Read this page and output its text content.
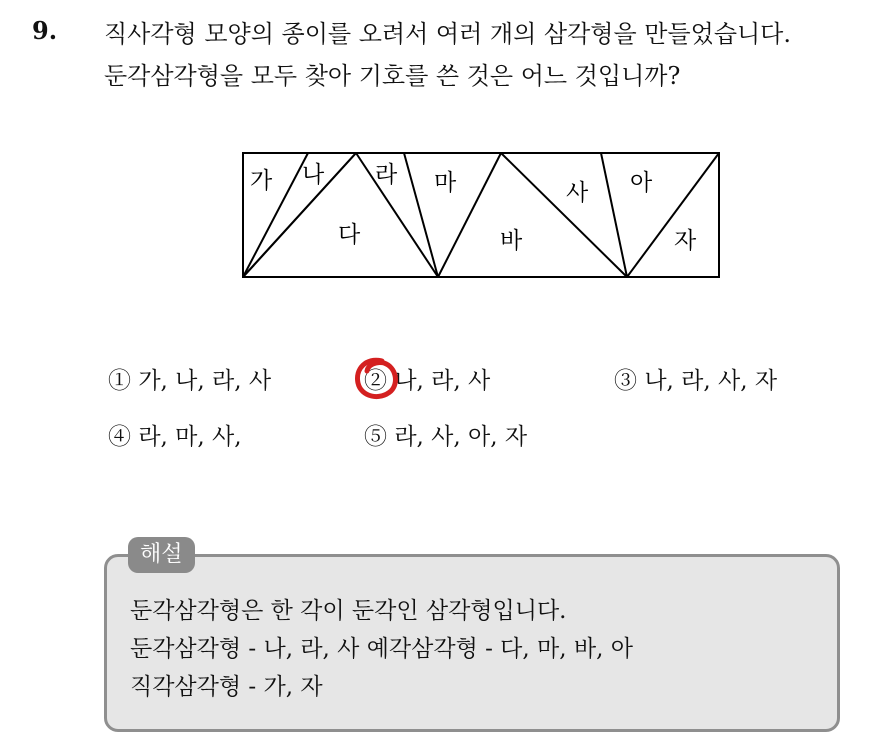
9. 직사각형 모양의 종이를 오려서 여러 개의 삼각형을 만들었습니다.
둔각삼각형을 모두 찾아 기호를 쓴 것은 어느 것입니까?
가 나
다
라 마
바
사 아
자
① 가, 나, 라, 사	② 나, 라, 사	③ 나, 라, 사, 자
④ 라, 마, 사,	⑤ 라, 사, 아, 자
해설
둔각삼각형은 한 각이 둔각인 삼각형입니다.
둔각삼각형 - 나, 라, 사 예각삼각형 - 다, 마, 바, 아
직각삼각형 - 가, 자
